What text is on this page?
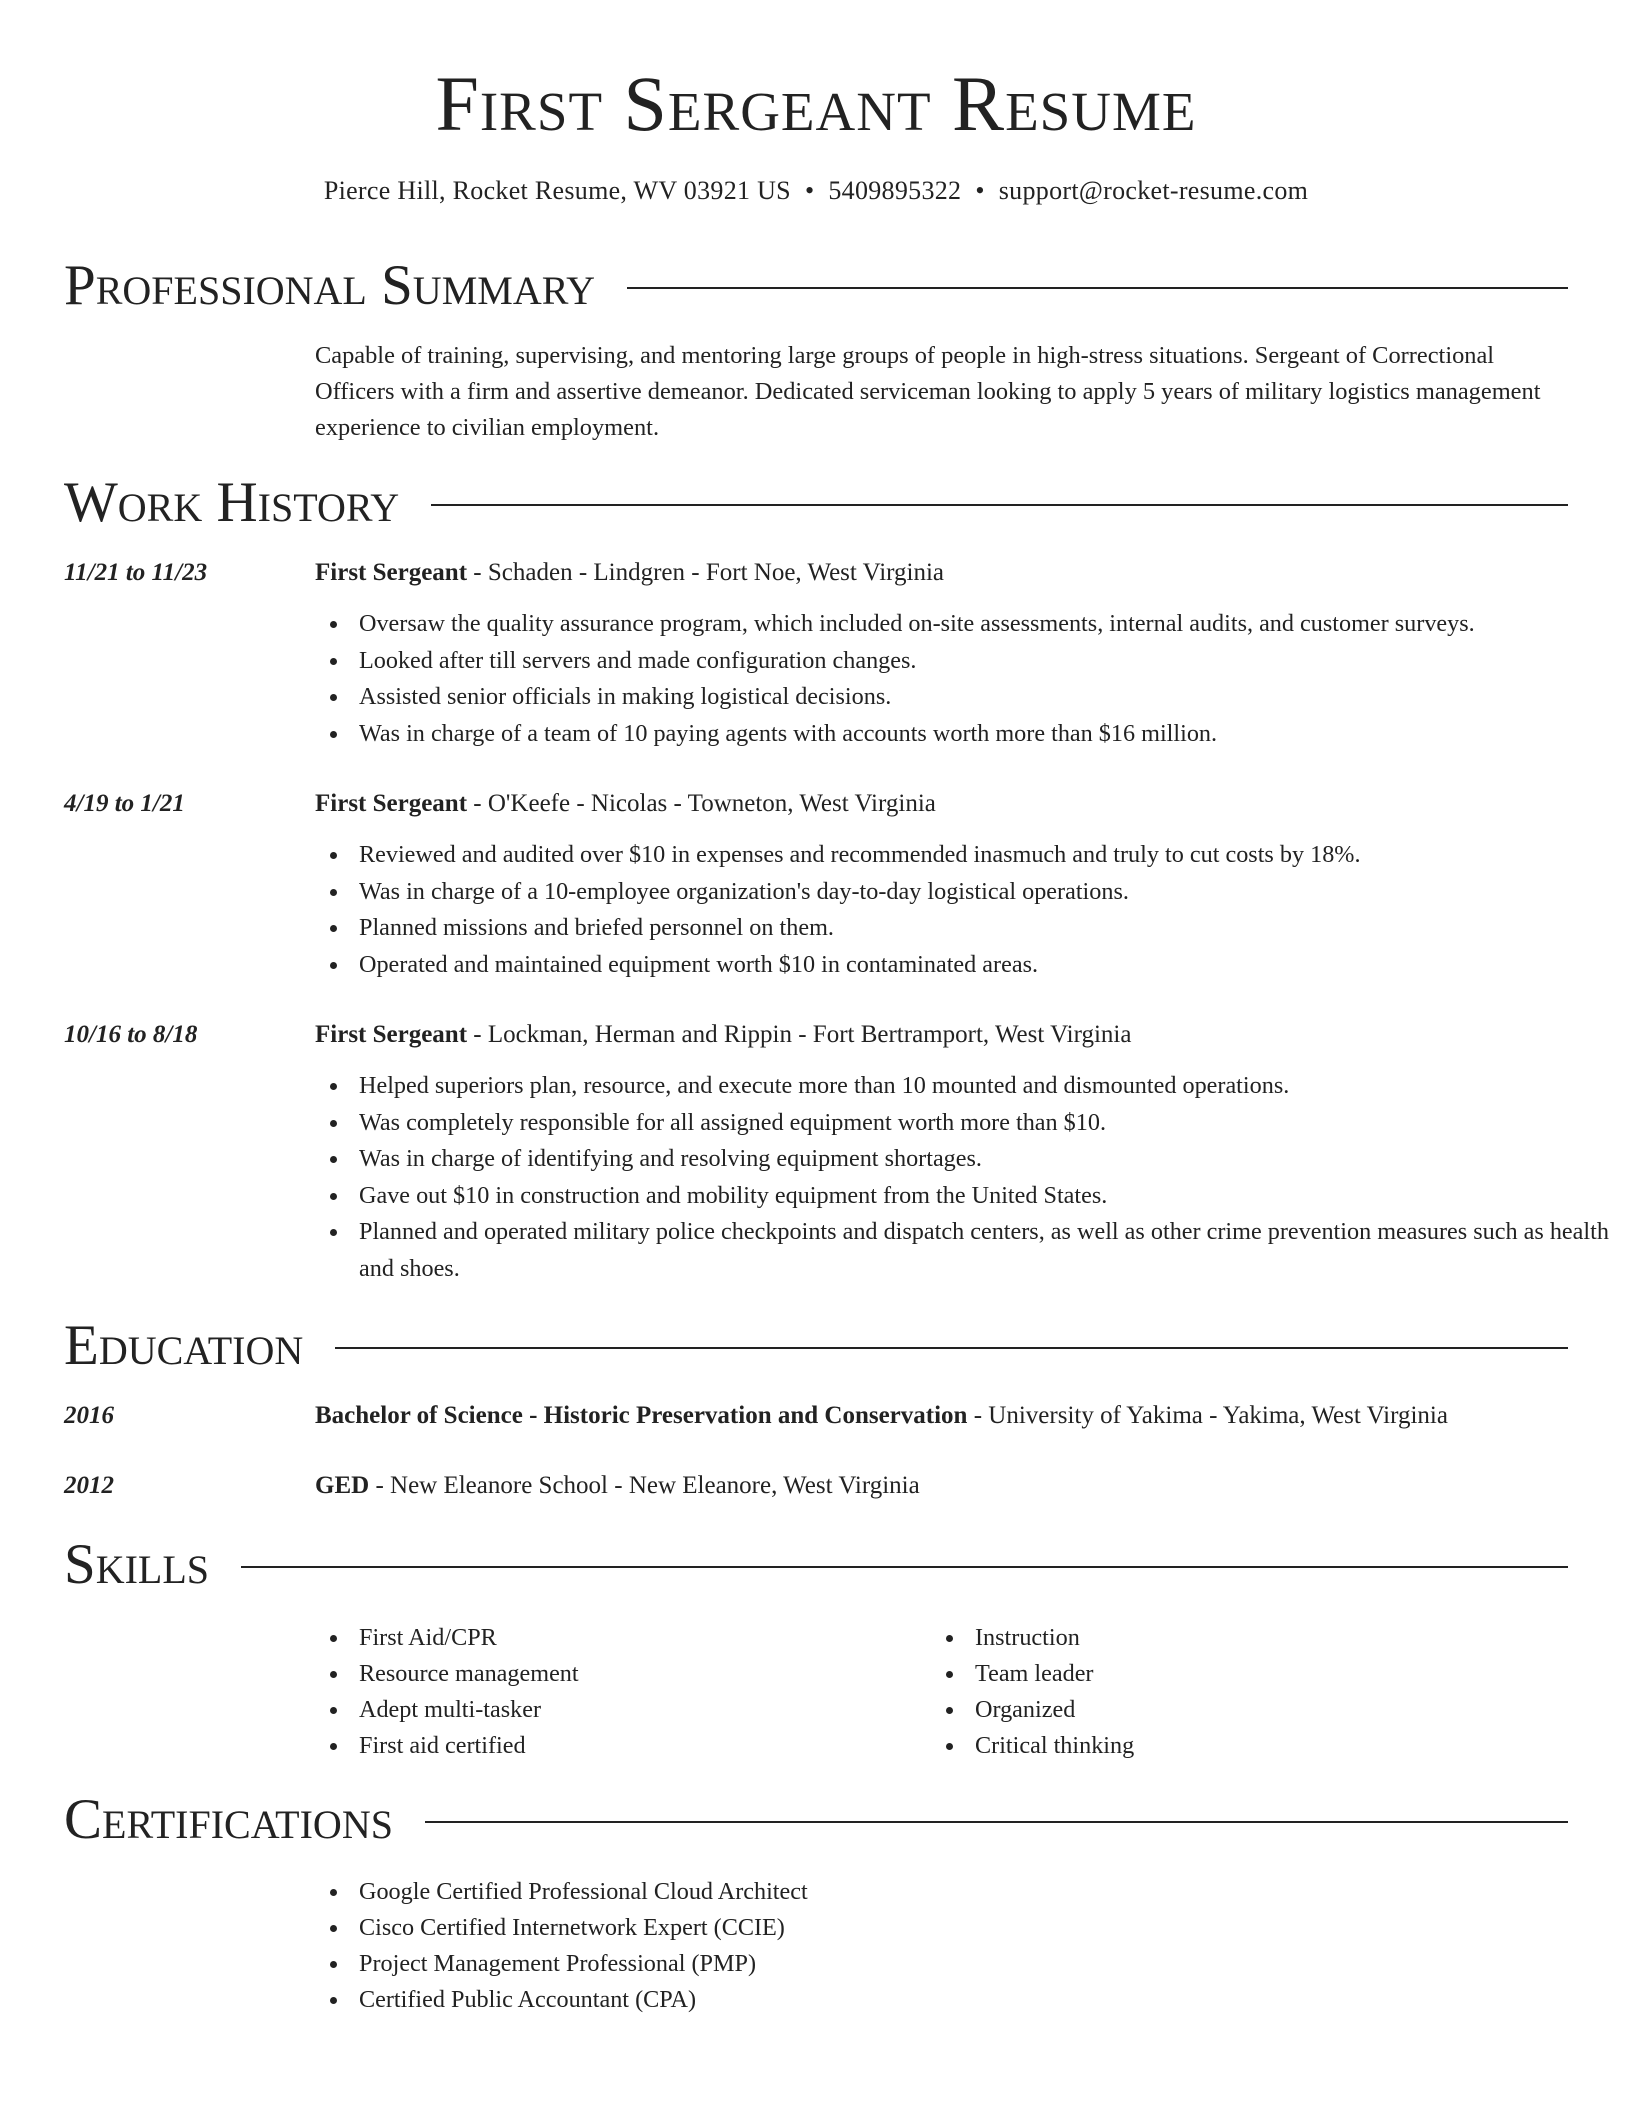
First Sergeant Resume
Pierce Hill, Rocket Resume, WV 03921 US • 5409895322 • support@rocket-resume.com
Professional Summary
Capable of training, supervising, and mentoring large groups of people in high-stress situations. Sergeant of Correctional Officers with a firm and assertive demeanor. Dedicated serviceman looking to apply 5 years of military logistics management experience to civilian employment.
Work History
11/21 to 11/23	First Sergeant - Schaden - Lindgren - Fort Noe, West Virginia
Oversaw the quality assurance program, which included on-site assessments, internal audits, and customer surveys.
Looked after till servers and made configuration changes.
Assisted senior officials in making logistical decisions.
Was in charge of a team of 10 paying agents with accounts worth more than $16 million.
4/19 to 1/21	First Sergeant - O'Keefe - Nicolas - Towneton, West Virginia
Reviewed and audited over $10 in expenses and recommended inasmuch and truly to cut costs by 18%.
Was in charge of a 10-employee organization's day-to-day logistical operations.
Planned missions and briefed personnel on them.
Operated and maintained equipment worth $10 in contaminated areas.
10/16 to 8/18	First Sergeant - Lockman, Herman and Rippin - Fort Bertramport, West Virginia
Helped superiors plan, resource, and execute more than 10 mounted and dismounted operations.
Was completely responsible for all assigned equipment worth more than $10.
Was in charge of identifying and resolving equipment shortages.
Gave out $10 in construction and mobility equipment from the United States.
Planned and operated military police checkpoints and dispatch centers, as well as other crime prevention measures such as health and shoes.
Education
2016	Bachelor of Science - Historic Preservation and Conservation - University of Yakima - Yakima, West Virginia
2012	GED - New Eleanore School - New Eleanore, West Virginia
Skills
First Aid/CPR
Resource management
Adept multi-tasker
First aid certified
Instruction
Team leader
Organized
Critical thinking
Certifications
Google Certified Professional Cloud Architect
Cisco Certified Internetwork Expert (CCIE)
Project Management Professional (PMP)
Certified Public Accountant (CPA)
